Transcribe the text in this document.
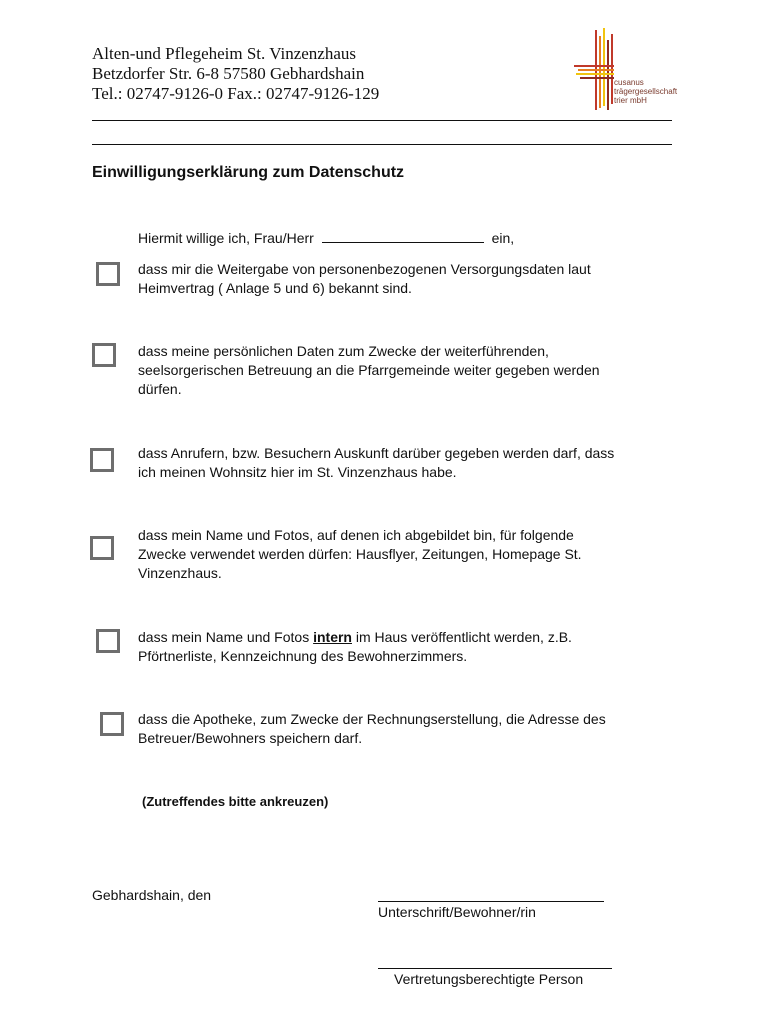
Alten-und Pflegeheim St. Vinzenzhaus
Betzdorfer Str. 6-8 57580 Gebhardshain
Tel.: 02747-9126-0 Fax.: 02747-9126-129
cusanus
trägergesellschaft
trier mbH
Einwilligungserklärung zum Datenschutz
Hiermit willige ich, Frau/Herr	ein,
dass mir die Weitergabe von personenbezogenen Versorgungsdaten laut
Heimvertrag ( Anlage 5 und 6) bekannt sind.
dass meine persönlichen Daten zum Zwecke der weiterführenden,
seelsorgerischen Betreuung an die Pfarrgemeinde weiter gegeben werden
dürfen.
dass Anrufern, bzw. Besuchern Auskunft darüber gegeben werden darf, dass
ich meinen Wohnsitz hier im St. Vinzenzhaus habe.
dass mein Name und Fotos, auf denen ich abgebildet bin, für folgende
Zwecke verwendet werden dürfen: Hausflyer, Zeitungen, Homepage St.
Vinzenzhaus.
dass mein Name und Fotos intern im Haus veröffentlicht werden, z.B.
Pförtnerliste, Kennzeichnung des Bewohnerzimmers.
dass die Apotheke, zum Zwecke der Rechnungserstellung, die Adresse des
Betreuer/Bewohners speichern darf.
(Zutreffendes bitte ankreuzen)
Gebhardshain, den
Unterschrift/Bewohner/rin
Vertretungsberechtigte Person
